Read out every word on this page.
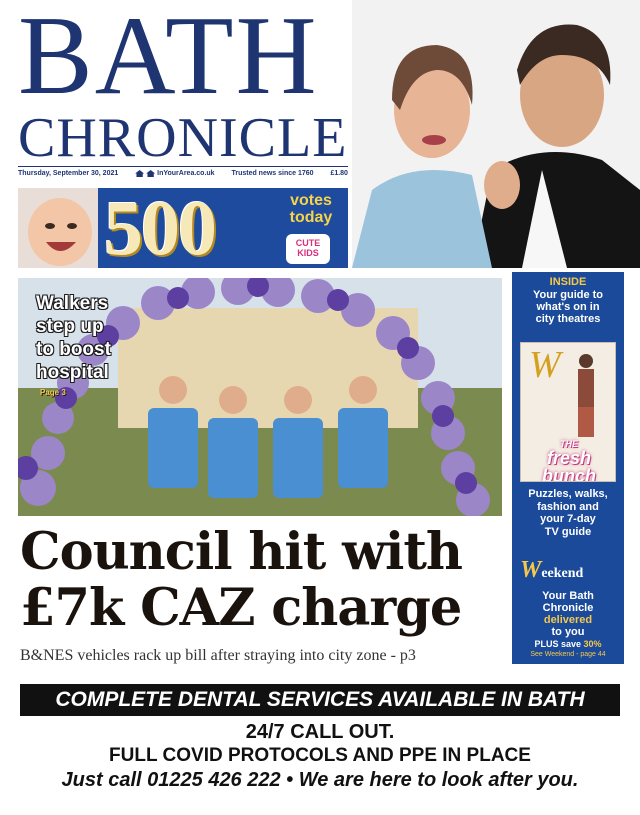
BATH
CHRONICLE
Thursday, September 30, 2021	InYourArea.co.uk Trusted news since 1760 £1.80
500	votes
today
CUTE
KIDS
Walkers
step up
to boost
hospital
Page 3
INSIDE
Your guide to
what's on in
city theatres
W
THE
fresh
bunch
Puzzles, walks,
fashion and
your 7-day
TV guide
Weekend
Your Bath
Chronicle
delivered
to you
PLUS save 30%
See Weekend - page 44
Council hit with
£7k CAZ charge
B&NES vehicles rack up bill after straying into city zone - p3
COMPLETE DENTAL SERVICES AVAILABLE IN BATH
24/7 CALL OUT.
FULL COVID PROTOCOLS AND PPE IN PLACE
Just call 01225 426 222 • We are here to look after you.
